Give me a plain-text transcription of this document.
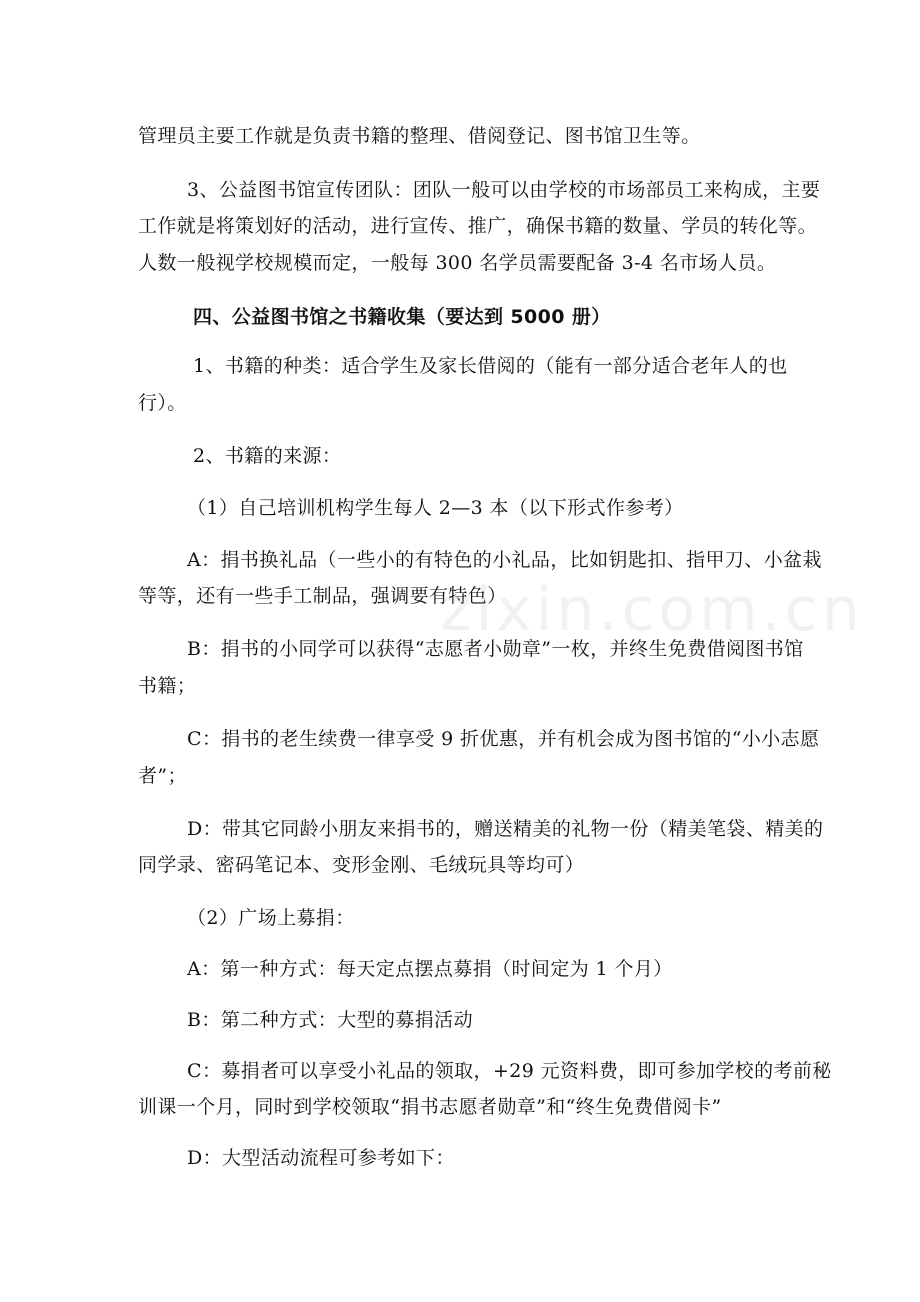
管理员主要工作就是负责书籍的整理、借阅登记、图书馆卫生等。
3、公益图书馆宣传团队：团队一般可以由学校的市场部员工来构成，主要
工作就是将策划好的活动，进行宣传、推广，确保书籍的数量、学员的转化等。
人数一般视学校规模而定，一般每 300 名学员需要配备 3-4 名市场人员。
四、公益图书馆之书籍收集（要达到 5000 册）
1、书籍的种类：适合学生及家长借阅的（能有一部分适合老年人的也
行）。
2、书籍的来源：
（1）自己培训机构学生每人 2—3 本（以下形式作参考）
A：捐书换礼品（一些小的有特色的小礼品，比如钥匙扣、指甲刀、小盆栽
等等，还有一些手工制品，强调要有特色）
B：捐书的小同学可以获得“志愿者小勋章”一枚，并终生免费借阅图书馆
书籍；
C：捐书的老生续费一律享受 9 折优惠，并有机会成为图书馆的“小小志愿
者”；
D：带其它同龄小朋友来捐书的，赠送精美的礼物一份（精美笔袋、精美的
同学录、密码笔记本、变形金刚、毛绒玩具等均可）
（2）广场上募捐：
A：第一种方式：每天定点摆点募捐（时间定为 1 个月）
B：第二种方式：大型的募捐活动
C：募捐者可以享受小礼品的领取，+29 元资料费，即可参加学校的考前秘
训课一个月，同时到学校领取“捐书志愿者勋章”和“终生免费借阅卡”
D：大型活动流程可参考如下：
zixin.com.cn
